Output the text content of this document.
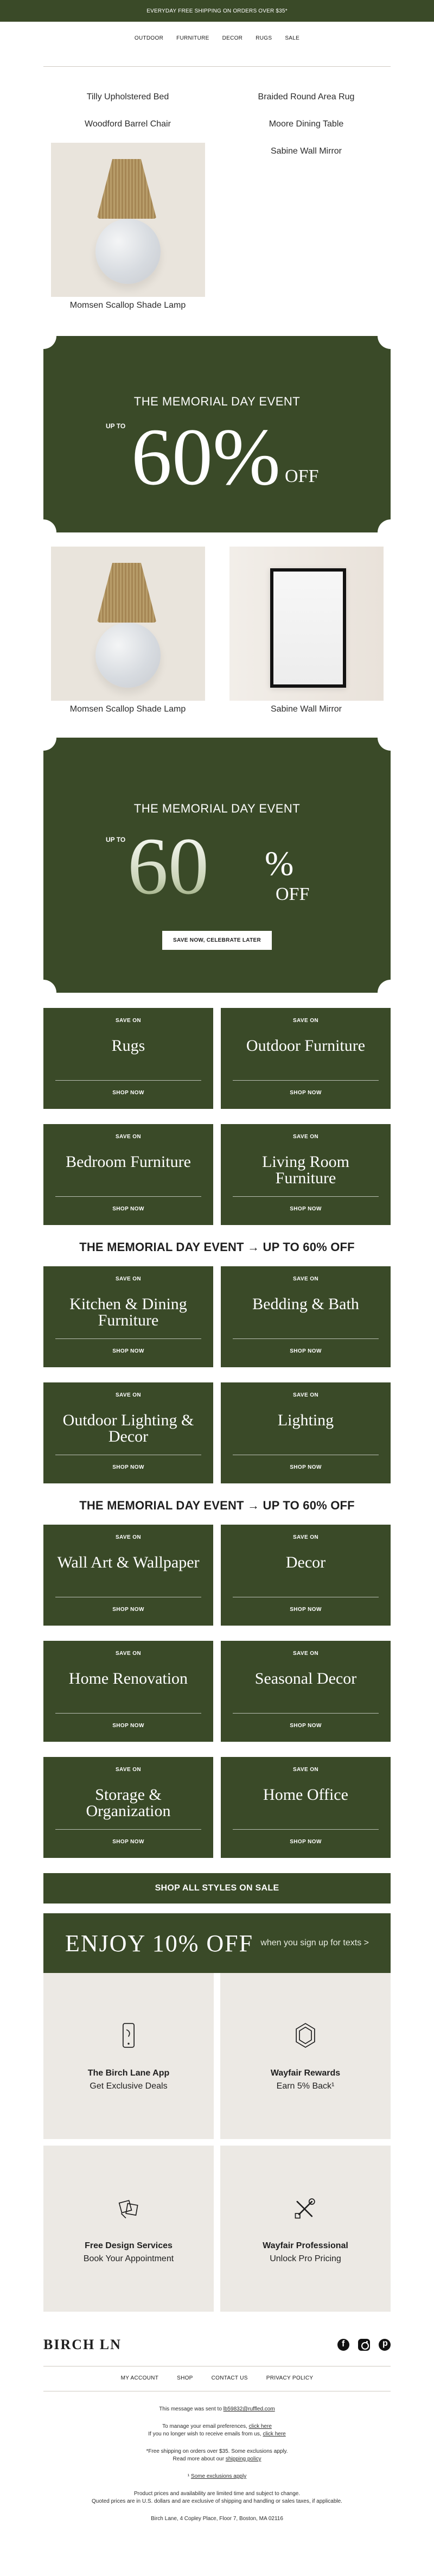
EVERYDAY FREE SHIPPING ON ORDERS OVER $35*
OUTDOOR FURNITURE DECOR RUGS SALE
Tilly Upholstered Bed	Braided Round Area Rug
Woodford Barrel Chair	Moore Dining Table
Momsen Scallop Shade Lamp
Sabine Wall Mirror
THE MEMORIAL DAY EVENT
UP TO 60% OFF
Momsen Scallop Shade Lamp	Sabine Wall Mirror
THE MEMORIAL DAY EVENT
UP TO 60 %
OFF
SAVE NOW, CELEBRATE LATER
SAVE ON
Rugs
SHOP NOW
SAVE ON
Outdoor Furniture
SHOP NOW
SAVE ON
Bedroom Furniture
SHOP NOW
SAVE ON
Living Room Furniture
SHOP NOW
THE MEMORIAL DAY EVENT → UP TO 60% OFF
SAVE ON
Kitchen & Dining Furniture
SHOP NOW
SAVE ON
Bedding & Bath
SHOP NOW
SAVE ON
Outdoor Lighting & Decor
SHOP NOW
SAVE ON
Lighting
SHOP NOW
THE MEMORIAL DAY EVENT → UP TO 60% OFF
SAVE ON
Wall Art & Wallpaper
SHOP NOW
SAVE ON
Decor
SHOP NOW
SAVE ON
Home Renovation
SHOP NOW
SAVE ON
Seasonal Decor
SHOP NOW
SAVE ON
Storage & Organization
SHOP NOW
SAVE ON
Home Office
SHOP NOW
SHOP ALL STYLES ON SALE
ENJOY 10% OFF when you sign up for texts >
The Birch Lane App
Get Exclusive Deals
Wayfair Rewards
Earn 5% Back¹
Free Design Services
Book Your Appointment
Wayfair Professional
Unlock Pro Pricing
BIRCH LN
f
p
MY ACCOUNT	SHOP	CONTACT US	PRIVACY POLICY
This message was sent to lb59832@ruffled.com
To manage your email preferences, click here
If you no longer wish to receive emails from us, click here
*Free shipping on orders over $35. Some exclusions apply.
Read more about our shipping policy
¹ Some exclusions apply
Product prices and availability are limited time and subject to change.
Quoted prices are in U.S. dollars and are exclusive of shipping and handling or sales taxes, if applicable.
Birch Lane, 4 Copley Place, Floor 7, Boston, MA 02116
